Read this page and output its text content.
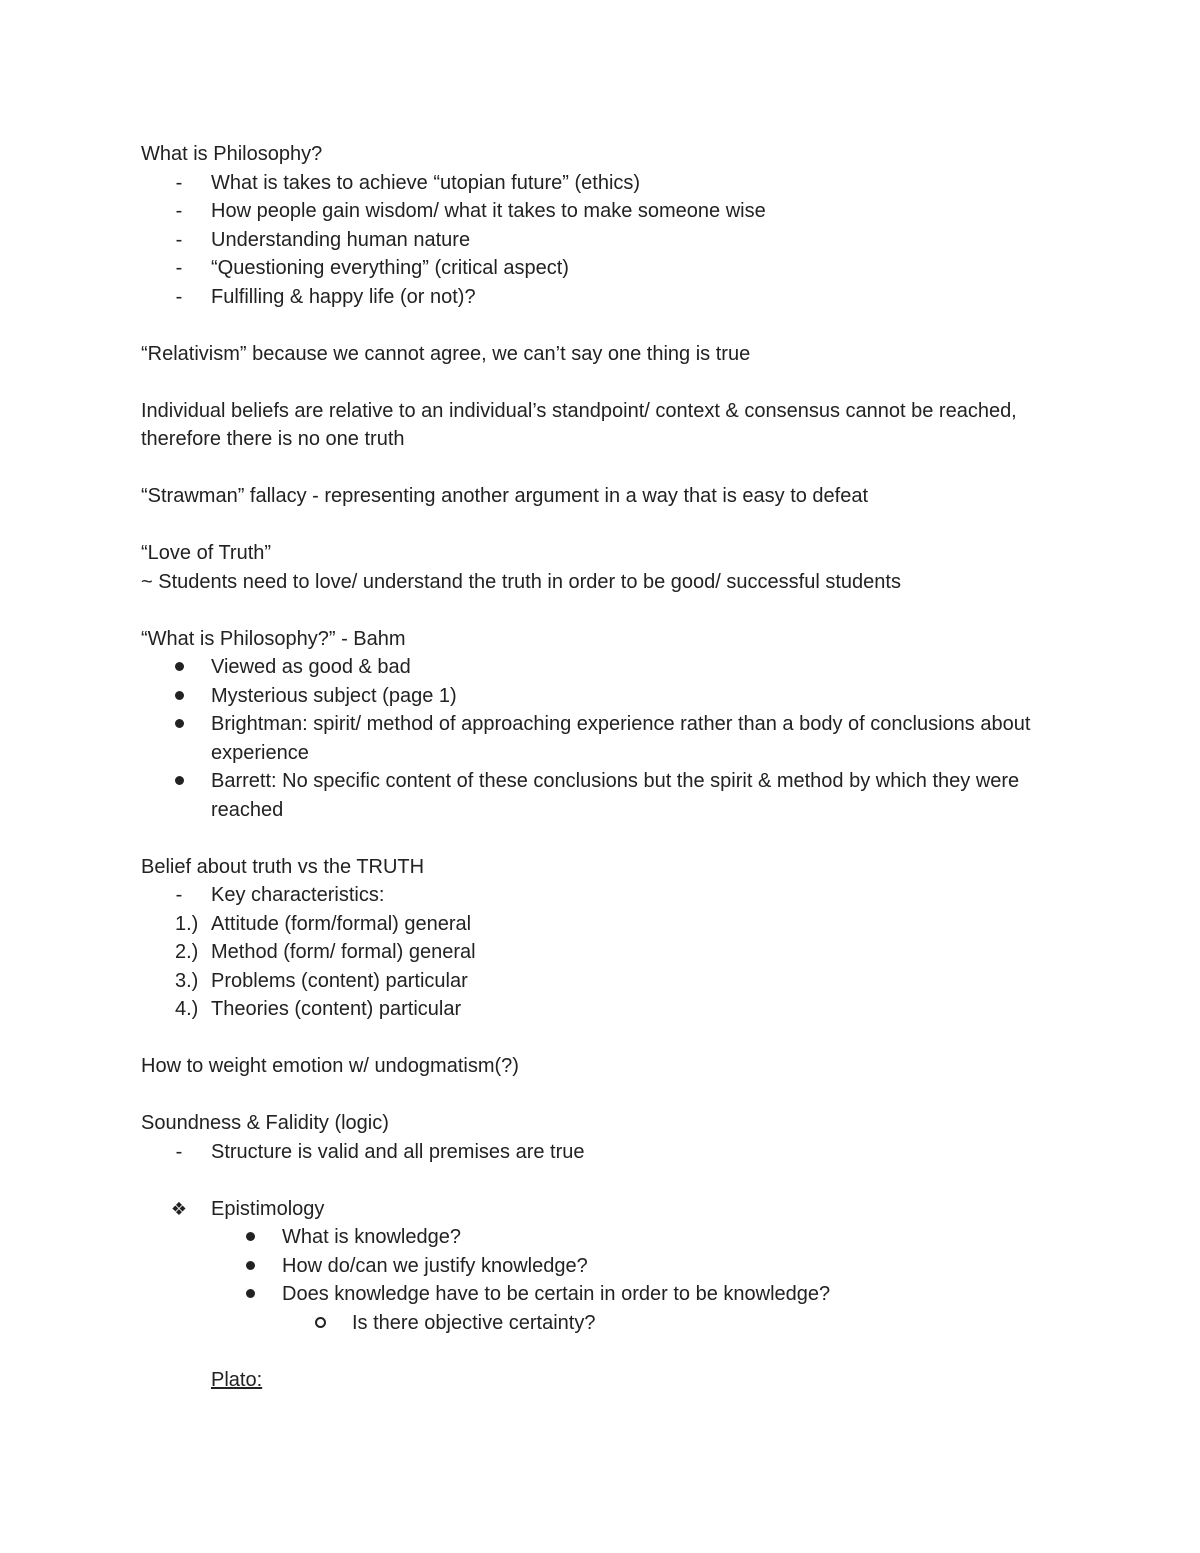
What is Philosophy?

-	What is takes to achieve “utopian future” (ethics)

-	How people gain wisdom/ what it takes to make someone wise

-	Understanding human nature

-	“Questioning everything” (critical aspect)

-	Fulfilling & happy life (or not)?

“Relativism” because we cannot agree, we can’t say one thing is true

Individual beliefs are relative to an individual’s standpoint/ context & consensus cannot be reached, therefore there is no one truth

“Strawman” fallacy - representing another argument in a way that is easy to defeat

“Love of Truth”

~ Students need to love/ understand the truth in order to be good/ successful students

“What is Philosophy?” - Bahm

Viewed as good & bad

Mysterious subject (page 1)

Brightman: spirit/ method of approaching experience rather than a body of conclusions about experience

Barrett: No specific content of these conclusions but the spirit & method by which they were reached

Belief about truth vs the TRUTH

-	Key characteristics:

1.) Attitude (form/formal) general

2.) Method (form/ formal) general

3.) Problems (content) particular

4.) Theories (content) particular

How to weight emotion w/ undogmatism(?)

Soundness & Falidity (logic)

-	Structure is valid and all premises are true

❖ Epistimology

What is knowledge?

How do/can we justify knowledge?

Does knowledge have to be certain in order to be knowledge?

Is there objective certainty?

Plato:
